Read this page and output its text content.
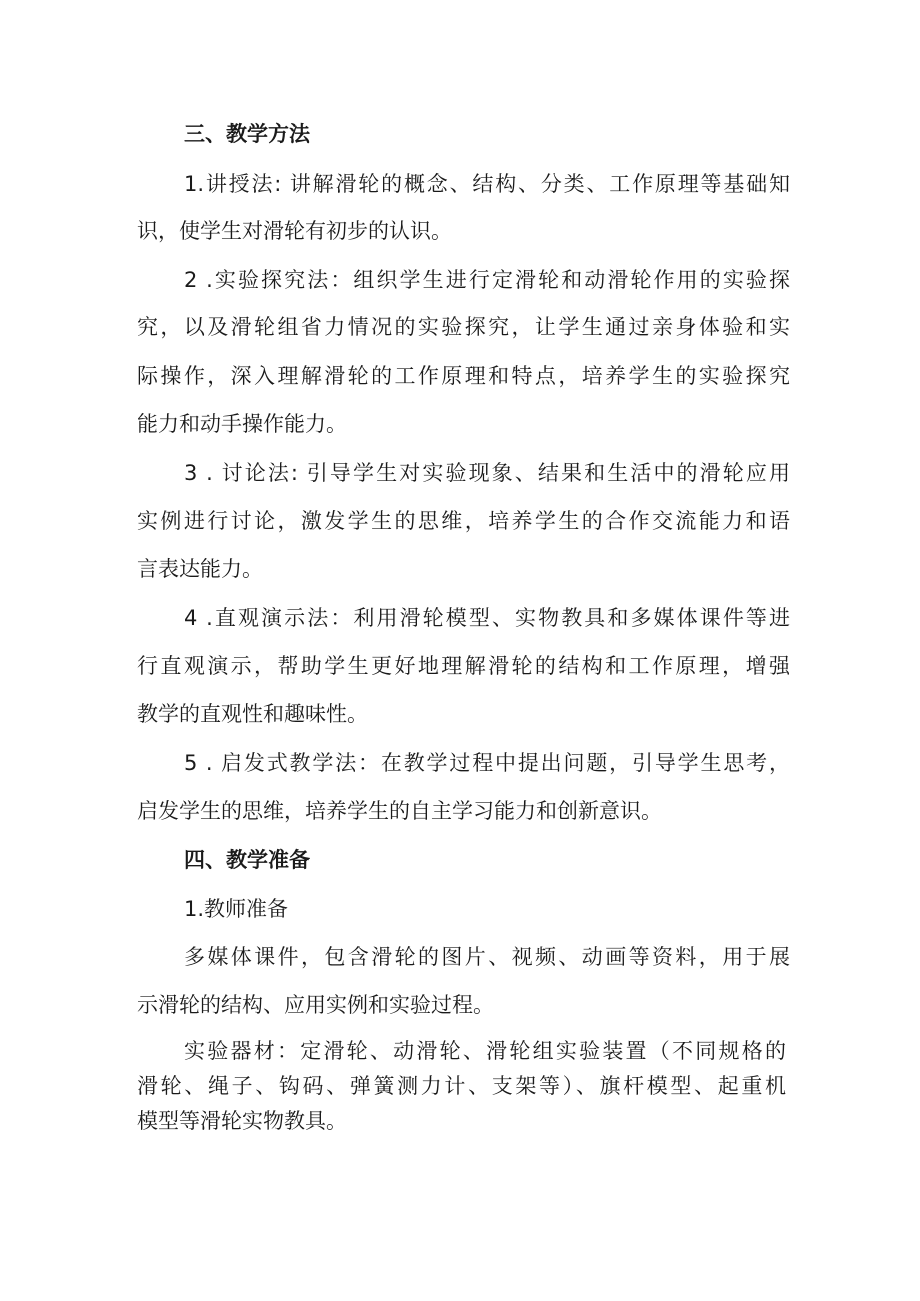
三、教学方法
1.讲授法: 讲解滑轮的概念、结构、分类、工作原理等基础知
识，使学生对滑轮有初步的认识。
2 .实验探究法：组织学生进行定滑轮和动滑轮作用的实验探
究，以及滑轮组省力情况的实验探究，让学生通过亲身体验和实
际操作，深入理解滑轮的工作原理和特点，培养学生的实验探究
能力和动手操作能力。
3 . 讨论法: 引导学生对实验现象、结果和生活中的滑轮应用
实例进行讨论，激发学生的思维，培养学生的合作交流能力和语
言表达能力。
4 .直观演示法：利用滑轮模型、实物教具和多媒体课件等进
行直观演示，帮助学生更好地理解滑轮的结构和工作原理，增强
教学的直观性和趣味性。
5 . 启发式教学法：在教学过程中提出问题，引导学生思考，
启发学生的思维，培养学生的自主学习能力和创新意识。
四、教学准备
1.教师准备
多媒体课件，包含滑轮的图片、视频、动画等资料，用于展
示滑轮的结构、应用实例和实验过程。
实验器材：定滑轮、动滑轮、滑轮组实验装置（不同规格的
滑轮、绳子、钩码、弹簧测力计、支架等）、旗杆模型、起重机
模型等滑轮实物教具。
